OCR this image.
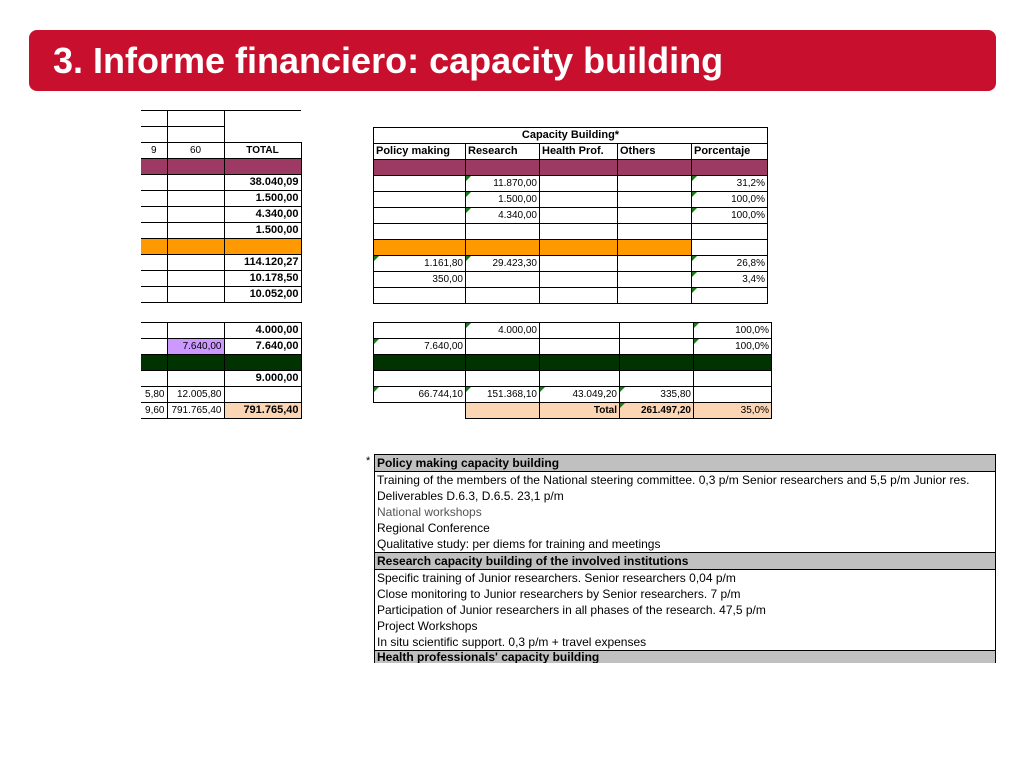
3. Informe financiero: capacity building

9	60	TOTAL

		38.040,09
		1.500,00
		4.340,00
		1.500,00

		114.120,27
		10.178,50
		10.052,00
		4.000,00
	7.640,00	7.640,00

		9.000,00
5,80	12.005,80	
9,60	791.765,40	791.765,40
Capacity Building*				
Policy making	Research	Health Prof.	Others	Porcentaje

	11.870,00			31,2%
	1.500,00			100,0%
	4.340,00			100,0%

1.161,80	29.423,30			26,8%
350,00				3,4%

	4.000,00			100,0%
7.640,00				100,0%

66.744,10	151.368,10	43.049,20	335,80	
		Total	261.497,20	35,0%
* Policy making capacity building
Training of the members of the National steering committee. 0,3 p/m Senior researchers and 5,5 p/m Junior res.
Deliverables D.6.3, D.6.5. 23,1 p/m
National workshops
Regional Conference
Qualitative study: per diems for training and meetings
Research capacity building of the involved institutions
Specific training of Junior researchers. Senior researchers 0,04 p/m
Close monitoring to Junior researchers by Senior researchers. 7 p/m
Participation of Junior researchers in all phases of the research. 47,5 p/m
Project Workshops
In situ scientific support. 0,3 p/m + travel expenses
Health professionals' capacity building
